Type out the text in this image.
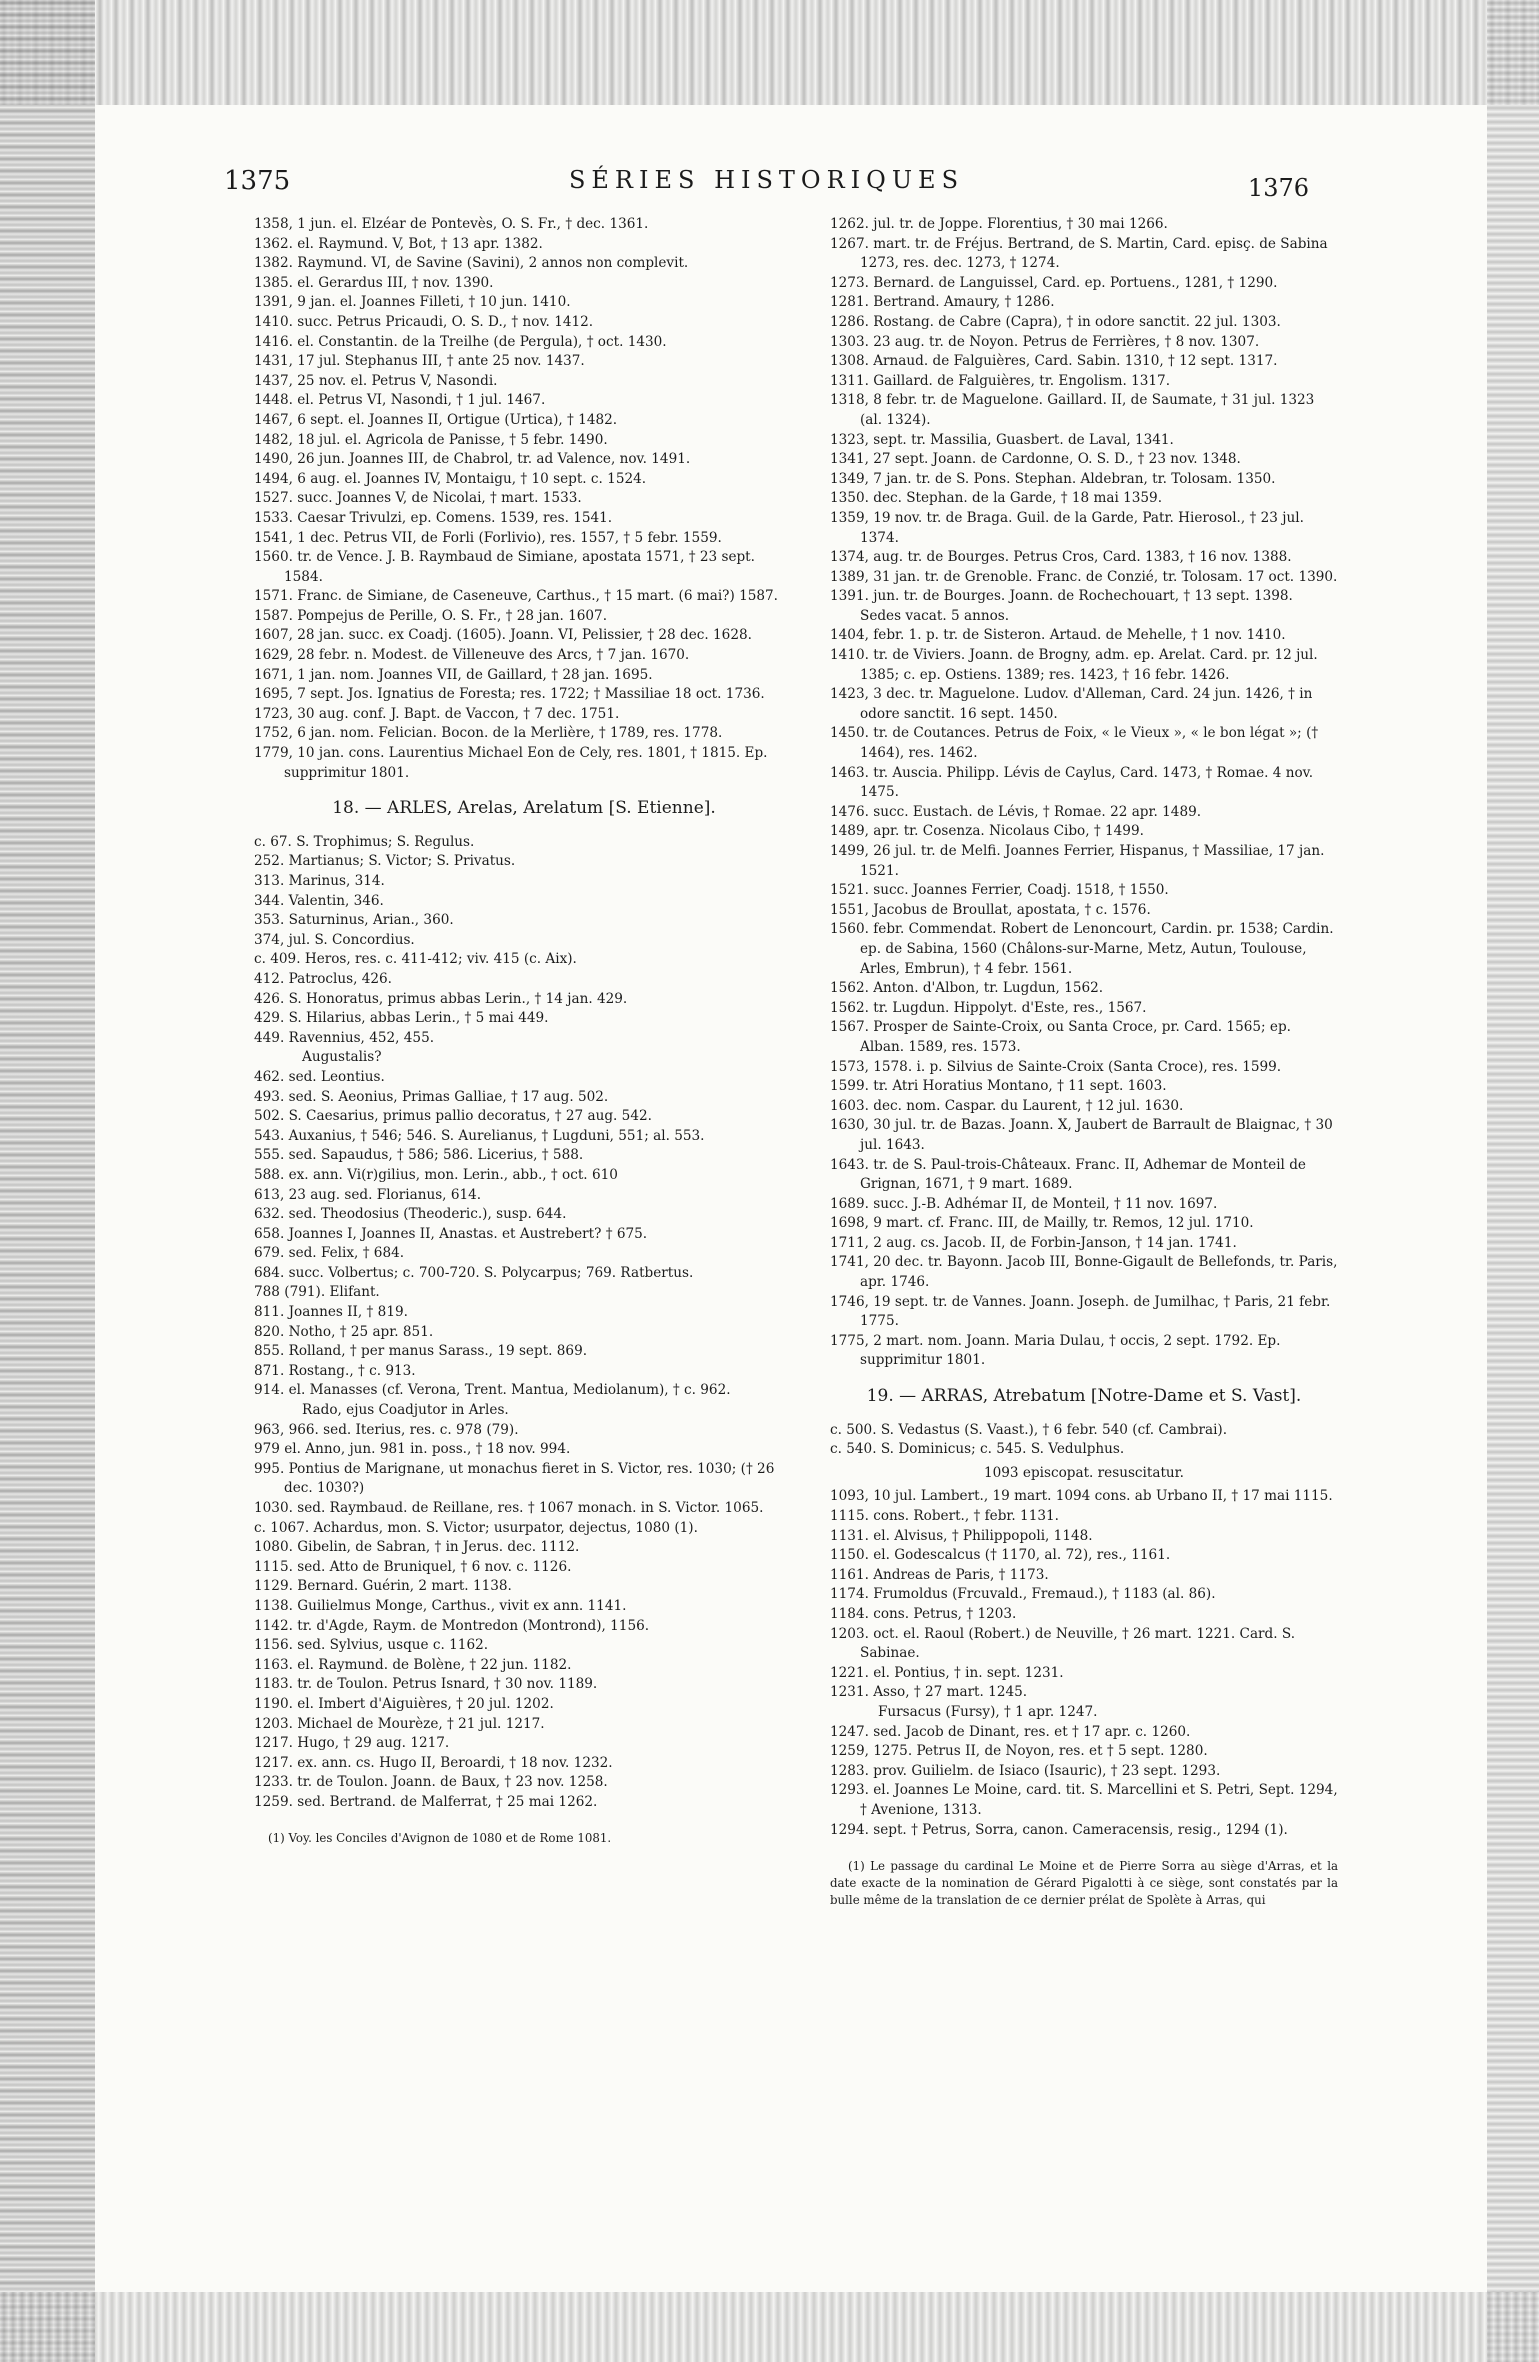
1375	SÉRIES HISTORIQUES	1376

1358, 1 jun. el. Elzéar de Pontevès, O. S. Fr., † dec. 1361.

1362. el. Raymund. V, Bot, † 13 apr. 1382.

1382. Raymund. VI, de Savine (Savini), 2 annos non complevit.

1385. el. Gerardus III, † nov. 1390.

1391, 9 jan. el. Joannes Filleti, † 10 jun. 1410.

1410. succ. Petrus Pricaudi, O. S. D., † nov. 1412.

1416. el. Constantin. de la Treilhe (de Pergula), † oct. 1430.

1431, 17 jul. Stephanus III, † ante 25 nov. 1437.

1437, 25 nov. el. Petrus V, Nasondi.

1448. el. Petrus VI, Nasondi, † 1 jul. 1467.

1467, 6 sept. el. Joannes II, Ortigue (Urtica), † 1482.

1482, 18 jul. el. Agricola de Panisse, † 5 febr. 1490.

1490, 26 jun. Joannes III, de Chabrol, tr. ad Valence, nov. 1491.

1494, 6 aug. el. Joannes IV, Montaigu, † 10 sept. c. 1524.

1527. succ. Joannes V, de Nicolai, † mart. 1533.

1533. Caesar Trivulzi, ep. Comens. 1539, res. 1541.

1541, 1 dec. Petrus VII, de Forli (Forlivio), res. 1557, † 5 febr. 1559.

1560. tr. de Vence. J. B. Raymbaud de Simiane, apostata 1571, † 23 sept. 1584.

1571. Franc. de Simiane, de Caseneuve, Carthus., † 15 mart. (6 mai?) 1587.

1587. Pompejus de Perille, O. S. Fr., † 28 jan. 1607.

1607, 28 jan. succ. ex Coadj. (1605). Joann. VI, Pelissier, † 28 dec. 1628.

1629, 28 febr. n. Modest. de Villeneuve des Arcs, † 7 jan. 1670.

1671, 1 jan. nom. Joannes VII, de Gaillard, † 28 jan. 1695.

1695, 7 sept. Jos. Ignatius de Foresta; res. 1722; † Massiliae 18 oct. 1736.

1723, 30 aug. conf. J. Bapt. de Vaccon, † 7 dec. 1751.

1752, 6 jan. nom. Felician. Bocon. de la Merlière, † 1789, res. 1778.

1779, 10 jan. cons. Laurentius Michael Eon de Cely, res. 1801, † 1815. Ep. supprimitur 1801.

18. — ARLES, Arelas, Arelatum [S. Etienne].

c. 67. S. Trophimus; S. Regulus.

252. Martianus; S. Victor; S. Privatus.

313. Marinus, 314.

344. Valentin, 346.

353. Saturninus, Arian., 360.

374, jul. S. Concordius.

c. 409. Heros, res. c. 411-412; viv. 415 (c. Aix).

412. Patroclus, 426.

426. S. Honoratus, primus abbas Lerin., † 14 jan. 429.

429. S. Hilarius, abbas Lerin., † 5 mai 449.

449. Ravennius, 452, 455.

Augustalis?

462. sed. Leontius.

493. sed. S. Aeonius, Primas Galliae, † 17 aug. 502.

502. S. Caesarius, primus pallio decoratus, † 27 aug. 542.

543. Auxanius, † 546; 546. S. Aurelianus, † Lugduni, 551; al. 553.

555. sed. Sapaudus, † 586; 586. Licerius, † 588.

588. ex. ann. Vi(r)gilius, mon. Lerin., abb., † oct. 610

613, 23 aug. sed. Florianus, 614.

632. sed. Theodosius (Theoderic.), susp. 644.

658. Joannes I, Joannes II, Anastas. et Austrebert? † 675.

679. sed. Felix, † 684.

684. succ. Volbertus; c. 700-720. S. Polycarpus; 769. Ratbertus.

788 (791). Elifant.

811. Joannes II, † 819.

820. Notho, † 25 apr. 851.

855. Rolland, † per manus Sarass., 19 sept. 869.

871. Rostang., † c. 913.

914. el. Manasses (cf. Verona, Trent. Mantua, Mediolanum), † c. 962.

Rado, ejus Coadjutor in Arles.

963, 966. sed. Iterius, res. c. 978 (79).

979 el. Anno, jun. 981 in. poss., † 18 nov. 994.

995. Pontius de Marignane, ut monachus fieret in S. Victor, res. 1030; († 26 dec. 1030?)

1030. sed. Raymbaud. de Reillane, res. † 1067 monach. in S. Victor. 1065.

c. 1067. Achardus, mon. S. Victor; usurpator, dejectus, 1080 (1).

1080. Gibelin, de Sabran, † in Jerus. dec. 1112.

1115. sed. Atto de Bruniquel, † 6 nov. c. 1126.

1129. Bernard. Guérin, 2 mart. 1138.

1138. Guilielmus Monge, Carthus., vivit ex ann. 1141.

1142. tr. d'Agde, Raym. de Montredon (Montrond), 1156.

1156. sed. Sylvius, usque c. 1162.

1163. el. Raymund. de Bolène, † 22 jun. 1182.

1183. tr. de Toulon. Petrus Isnard, † 30 nov. 1189.

1190. el. Imbert d'Aiguières, † 20 jul. 1202.

1203. Michael de Mourèze, † 21 jul. 1217.

1217. Hugo, † 29 aug. 1217.

1217. ex. ann. cs. Hugo II, Beroardi, † 18 nov. 1232.

1233. tr. de Toulon. Joann. de Baux, † 23 nov. 1258.

1259. sed. Bertrand. de Malferrat, † 25 mai 1262.

(1) Voy. les Conciles d'Avignon de 1080 et de Rome 1081.

1262. jul. tr. de Joppe. Florentius, † 30 mai 1266.

1267. mart. tr. de Fréjus. Bertrand, de S. Martin, Card. episç. de Sabina 1273, res. dec. 1273, † 1274.

1273. Bernard. de Languissel, Card. ep. Portuens., 1281, † 1290.

1281. Bertrand. Amaury, † 1286.

1286. Rostang. de Cabre (Capra), † in odore sanctit. 22 jul. 1303.

1303. 23 aug. tr. de Noyon. Petrus de Ferrières, † 8 nov. 1307.

1308. Arnaud. de Falguières, Card. Sabin. 1310, † 12 sept. 1317.

1311. Gaillard. de Falguières, tr. Engolism. 1317.

1318, 8 febr. tr. de Maguelone. Gaillard. II, de Saumate, † 31 jul. 1323 (al. 1324).

1323, sept. tr. Massilia, Guasbert. de Laval, 1341.

1341, 27 sept. Joann. de Cardonne, O. S. D., † 23 nov. 1348.

1349, 7 jan. tr. de S. Pons. Stephan. Aldebran, tr. Tolosam. 1350.

1350. dec. Stephan. de la Garde, † 18 mai 1359.

1359, 19 nov. tr. de Braga. Guil. de la Garde, Patr. Hierosol., † 23 jul. 1374.

1374, aug. tr. de Bourges. Petrus Cros, Card. 1383, † 16 nov. 1388.

1389, 31 jan. tr. de Grenoble. Franc. de Conzié, tr. Tolosam. 17 oct. 1390.

1391. jun. tr. de Bourges. Joann. de Rochechouart, † 13 sept. 1398. Sedes vacat. 5 annos.

1404, febr. 1. p. tr. de Sisteron. Artaud. de Mehelle, † 1 nov. 1410.

1410. tr. de Viviers. Joann. de Brogny, adm. ep. Arelat. Card. pr. 12 jul. 1385; c. ep. Ostiens. 1389; res. 1423, † 16 febr. 1426.

1423, 3 dec. tr. Maguelone. Ludov. d'Alleman, Card. 24 jun. 1426, † in odore sanctit. 16 sept. 1450.

1450. tr. de Coutances. Petrus de Foix, « le Vieux », « le bon légat »; († 1464), res. 1462.

1463. tr. Auscia. Philipp. Lévis de Caylus, Card. 1473, † Romae. 4 nov. 1475.

1476. succ. Eustach. de Lévis, † Romae. 22 apr. 1489.

1489, apr. tr. Cosenza. Nicolaus Cibo, † 1499.

1499, 26 jul. tr. de Melfi. Joannes Ferrier, Hispanus, † Massiliae, 17 jan. 1521.

1521. succ. Joannes Ferrier, Coadj. 1518, † 1550.

1551, Jacobus de Broullat, apostata, † c. 1576.

1560. febr. Commendat. Robert de Lenoncourt, Cardin. pr. 1538; Cardin. ep. de Sabina, 1560 (Châlons-sur-Marne, Metz, Autun, Toulouse, Arles, Embrun), † 4 febr. 1561.

1562. Anton. d'Albon, tr. Lugdun, 1562.

1562. tr. Lugdun. Hippolyt. d'Este, res., 1567.

1567. Prosper de Sainte-Croix, ou Santa Croce, pr. Card. 1565; ep. Alban. 1589, res. 1573.

1573, 1578. i. p. Silvius de Sainte-Croix (Santa Croce), res. 1599.

1599. tr. Atri Horatius Montano, † 11 sept. 1603.

1603. dec. nom. Caspar. du Laurent, † 12 jul. 1630.

1630, 30 jul. tr. de Bazas. Joann. X, Jaubert de Barrault de Blaignac, † 30 jul. 1643.

1643. tr. de S. Paul-trois-Châteaux. Franc. II, Adhemar de Monteil de Grignan, 1671, † 9 mart. 1689.

1689. succ. J.-B. Adhémar II, de Monteil, † 11 nov. 1697.

1698, 9 mart. cf. Franc. III, de Mailly, tr. Remos, 12 jul. 1710.

1711, 2 aug. cs. Jacob. II, de Forbin-Janson, † 14 jan. 1741.

1741, 20 dec. tr. Bayonn. Jacob III, Bonne-Gigault de Bellefonds, tr. Paris, apr. 1746.

1746, 19 sept. tr. de Vannes. Joann. Joseph. de Jumilhac, † Paris, 21 febr. 1775.

1775, 2 mart. nom. Joann. Maria Dulau, † occis, 2 sept. 1792. Ep. supprimitur 1801.

19. — ARRAS, Atrebatum [Notre-Dame et S. Vast].

c. 500. S. Vedastus (S. Vaast.), † 6 febr. 540 (cf. Cambrai).

c. 540. S. Dominicus; c. 545. S. Vedulphus.

1093 episcopat. resuscitatur.

1093, 10 jul. Lambert., 19 mart. 1094 cons. ab Urbano II, † 17 mai 1115.

1115. cons. Robert., † febr. 1131.

1131. el. Alvisus, † Philippopoli, 1148.

1150. el. Godescalcus († 1170, al. 72), res., 1161.

1161. Andreas de Paris, † 1173.

1174. Frumoldus (Frcuvald., Fremaud.), † 1183 (al. 86).

1184. cons. Petrus, † 1203.

1203. oct. el. Raoul (Robert.) de Neuville, † 26 mart. 1221. Card. S. Sabinae.

1221. el. Pontius, † in. sept. 1231.

1231. Asso, † 27 mart. 1245.

Fursacus (Fursy), † 1 apr. 1247.

1247. sed. Jacob de Dinant, res. et † 17 apr. c. 1260.

1259, 1275. Petrus II, de Noyon, res. et † 5 sept. 1280.

1283. prov. Guilielm. de Isiaco (Isauric), † 23 sept. 1293.

1293. el. Joannes Le Moine, card. tit. S. Marcellini et S. Petri, Sept. 1294, † Avenione, 1313.

1294. sept. † Petrus, Sorra, canon. Cameracensis, resig., 1294 (1).

(1) Le passage du cardinal Le Moine et de Pierre Sorra au siège d'Arras, et la date exacte de la nomination de Gérard Pigalotti à ce siège, sont constatés par la bulle même de la translation de ce dernier prélat de Spolète à Arras, qui
